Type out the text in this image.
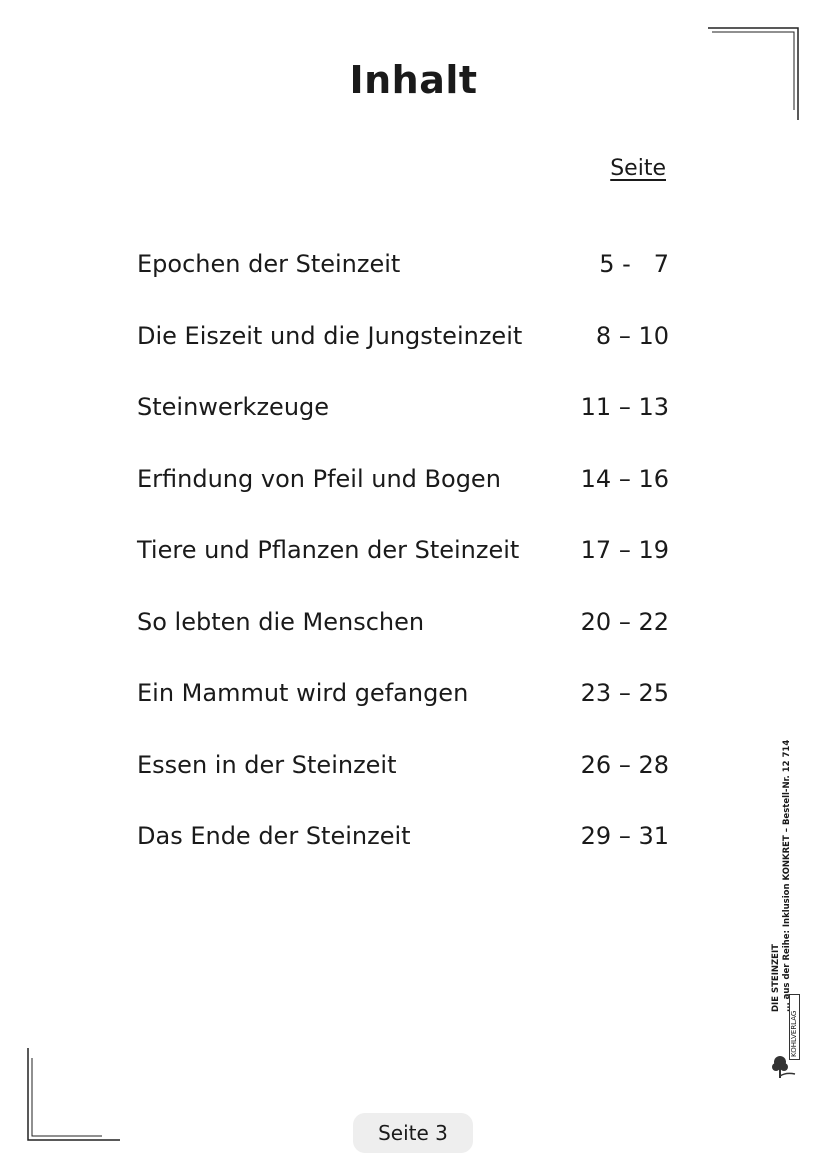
Inhalt
Seite
Epochen der Steinzeit	5 -   7
Die Eiszeit und die Jungsteinzeit	8 – 10
Steinwerkzeuge	11 – 13
Erfindung von Pfeil und Bogen	14 – 16
Tiere und Pflanzen der Steinzeit	17 – 19
So lebten die Menschen	20 – 22
Ein Mammut wird gefangen	23 – 25
Essen in der Steinzeit	26 – 28
Das Ende der Steinzeit	29 – 31
DIE STEINZEIT ... aus der Reihe: Inklusion KONKRET – Bestell-Nr. 12 714
KOHLVERLAG
Seite 3
